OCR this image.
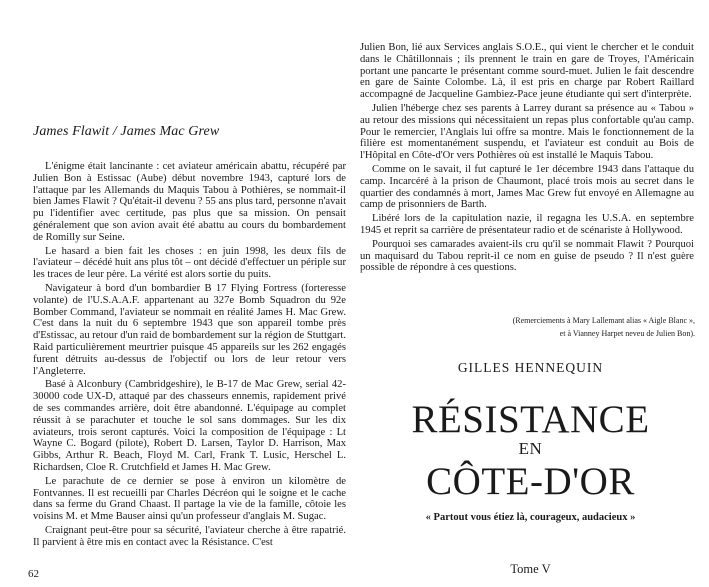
James Flawit / James Mac Grew

L'énigme était lancinante : cet aviateur américain abattu, récupéré par Julien Bon à Estissac (Aube) début novembre 1943, capturé lors de l'attaque par les Allemands du Maquis Tabou à Pothières, se nommait-il bien James Flawit ? Qu'était-il devenu ? 55 ans plus tard, personne n'avait pu l'identifier avec certitude, pas plus que sa mission. On pensait généralement que son avion avait été abattu au cours du bombardement de Romilly sur Seine.

Le hasard a bien fait les choses : en juin 1998, les deux fils de l'aviateur – décédé huit ans plus tôt – ont décidé d'effectuer un périple sur les traces de leur père. La vérité est alors sortie du puits.

Navigateur à bord d'un bombardier B 17 Flying Fortress (forteresse volante) de l'U.S.A.A.F. appartenant au 327e Bomb Squadron du 92e Bomber Command, l'aviateur se nommait en réalité James H. Mac Grew. C'est dans la nuit du 6 septembre 1943 que son appareil tombe près d'Estissac, au retour d'un raid de bombardement sur la région de Stuttgart. Raid particulièrement meurtrier puisque 45 appareils sur les 262 engagés furent détruits au-dessus de l'objectif ou lors de leur retour vers l'Angleterre.

Basé à Alconbury (Cambridgeshire), le B-17 de Mac Grew, serial 42-30000 code UX-D, attaqué par des chasseurs ennemis, rapidement privé de ses commandes arrière, doit être abandonné. L'équipage au complet réussit à se parachuter et touche le sol sans dommages. Sur les dix aviateurs, trois seront capturés. Voici la composition de l'équipage : Lt Wayne C. Bogard (pilote), Robert D. Larsen, Taylor D. Harrison, Max Gibbs, Arthur R. Beach, Floyd M. Carl, Frank T. Lusic, Herschel L. Richardsen, Cloe R. Crutchfield et James H. Mac Grew.

Le parachute de ce dernier se pose à environ un kilomètre de Fontvannes. Il est recueilli par Charles Décréon qui le soigne et le cache dans sa ferme du Grand Chaast. Il partage la vie de la famille, côtoie les voisins M. et Mme Bauser ainsi qu'un professeur d'anglais M. Sugac.

Craignant peut-être pour sa sécurité, l'aviateur cherche à être rapatrié. Il parvient à être mis en contact avec la Résistance. C'est

62

Julien Bon, lié aux Services anglais S.O.E., qui vient le chercher et le conduit dans le Châtillonnais ; ils prennent le train en gare de Troyes, l'Américain portant une pancarte le présentant comme sourd-muet. Julien le fait descendre en gare de Sainte Colombe. Là, il est pris en charge par Robert Raillard accompagné de Jacqueline Gambiez-Pace jeune étudiante qui sert d'interprète.

Julien l'héberge chez ses parents à Larrey durant sa présence au « Tabou » au retour des missions qui nécessitaient un repas plus confortable qu'au camp. Pour le remercier, l'Anglais lui offre sa montre. Mais le fonctionnement de la filière est momentanément suspendu, et l'aviateur est conduit au Bois de l'Hôpital en Côte-d'Or vers Pothières où est installé le Maquis Tabou.

Comme on le savait, il fut capturé le 1er décembre 1943 dans l'attaque du camp. Incarcéré à la prison de Chaumont, placé trois mois au secret dans le quartier des condamnés à mort, James Mac Grew fut envoyé en Allemagne au camp de prisonniers de Barth.

Libéré lors de la capitulation nazie, il regagna les U.S.A. en septembre 1945 et reprit sa carrière de présentateur radio et de scénariste à Hollywood.

Pourquoi ses camarades avaient-ils cru qu'il se nommait Flawit ? Pourquoi un maquisard du Tabou reprit-il ce nom en guise de pseudo ? Il n'est guère possible de répondre à ces questions.

(Remerciements à Mary Lallemant alias « Aigle Blanc »,
et à Vianney Harpet neveu de Julien Bon).
GILLES HENNEQUIN
RÉSISTANCE
EN
CÔTE-D'OR
« Partout vous étiez là, courageux, audacieux »
Tome V
